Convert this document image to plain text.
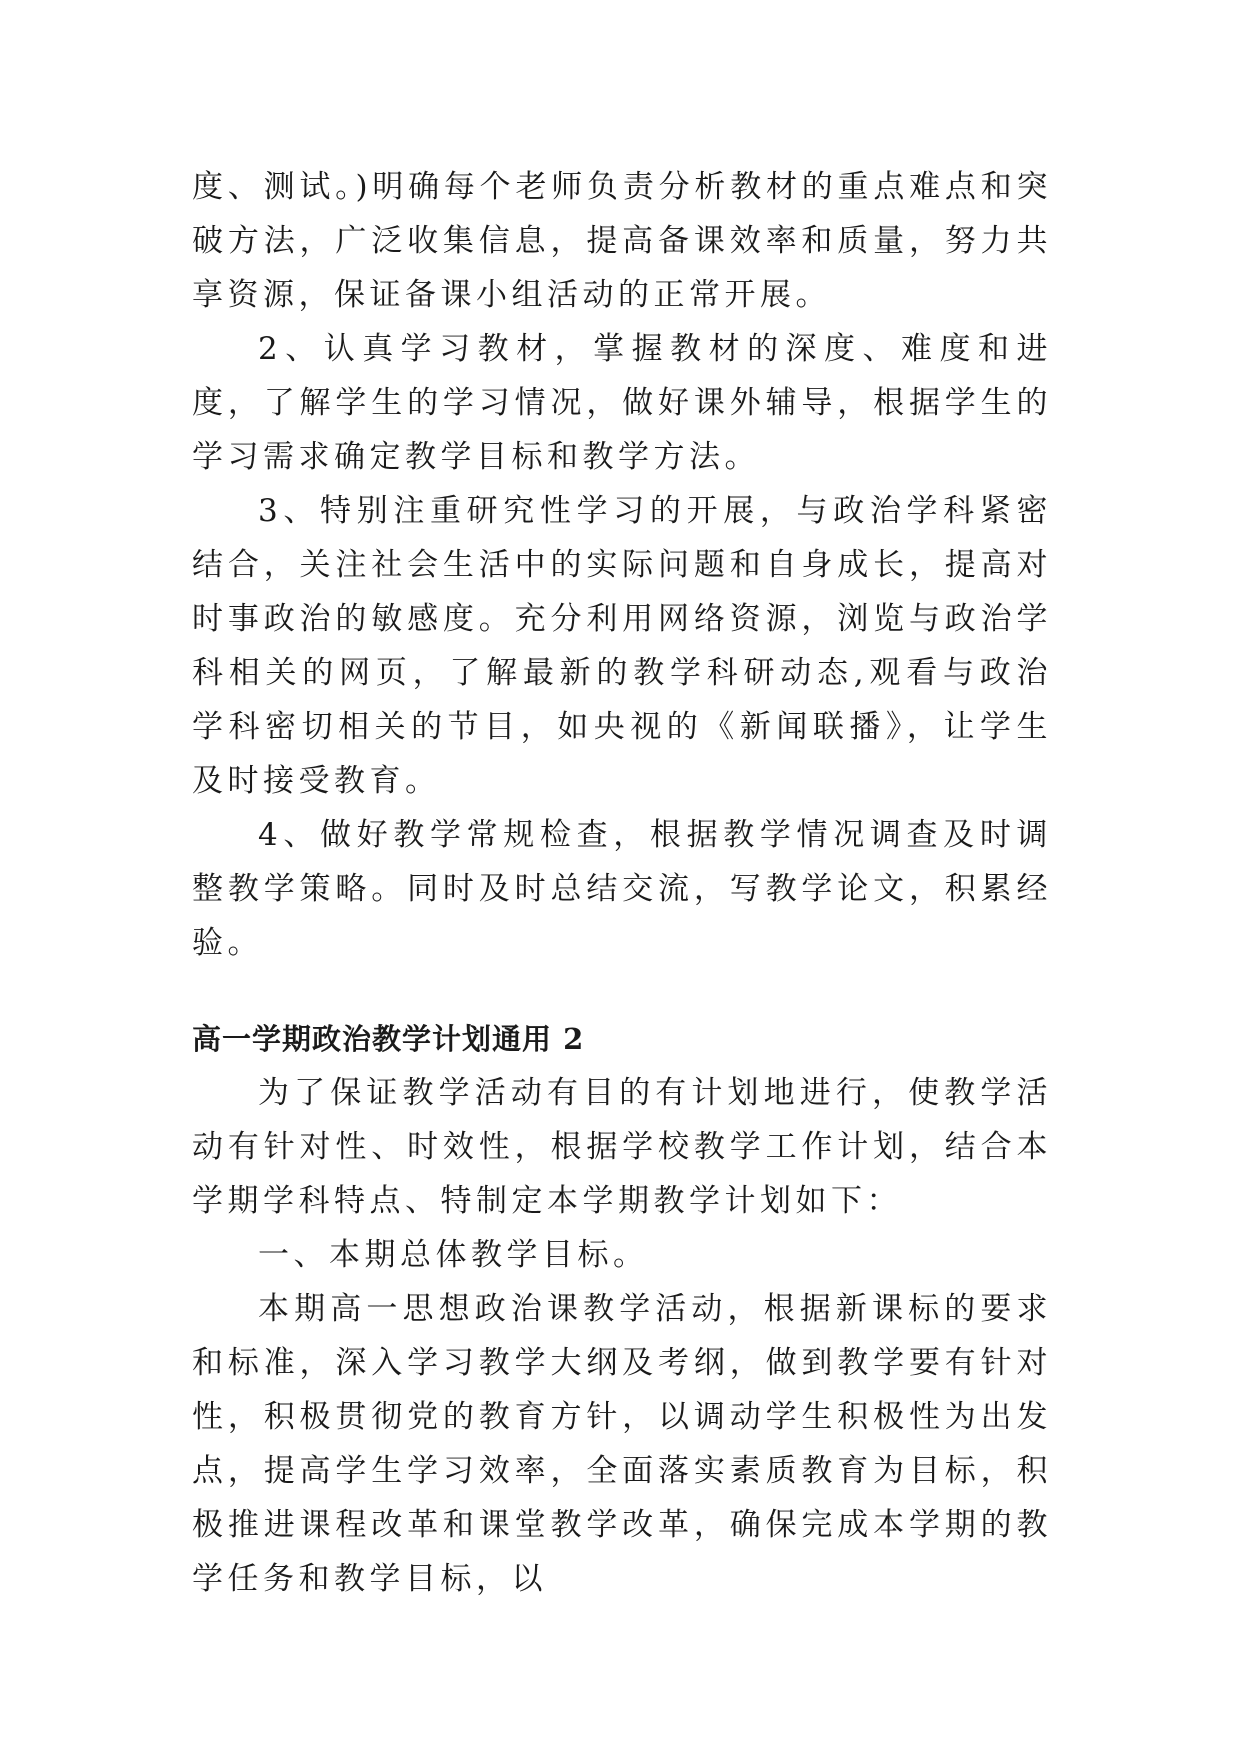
度、测试。)明确每个老师负责分析教材的重点难点和突破方法，广泛收集信息，提高备课效率和质量，努力共享资源，保证备课小组活动的正常开展。

2、认真学习教材，掌握教材的深度、难度和进度，了解学生的学习情况，做好课外辅导，根据学生的学习需求确定教学目标和教学方法。

3、特别注重研究性学习的开展，与政治学科紧密结合，关注社会生活中的实际问题和自身成长，提高对时事政治的敏感度。充分利用网络资源，浏览与政治学科相关的网页，了解最新的教学科研动态,观看与政治学科密切相关的节目，如央视的《新闻联播》，让学生及时接受教育。

4、做好教学常规检查，根据教学情况调查及时调整教学策略。同时及时总结交流，写教学论文，积累经验。

高一学期政治教学计划通用 2

为了保证教学活动有目的有计划地进行，使教学活动有针对性、时效性，根据学校教学工作计划，结合本学期学科特点、特制定本学期教学计划如下：

一、本期总体教学目标。

本期高一思想政治课教学活动，根据新课标的要求和标准，深入学习教学大纲及考纲，做到教学要有针对性，积极贯彻党的教育方针，以调动学生积极性为出发点，提高学生学习效率，全面落实素质教育为目标，积极推进课程改革和课堂教学改革，确保完成本学期的教学任务和教学目标，以
